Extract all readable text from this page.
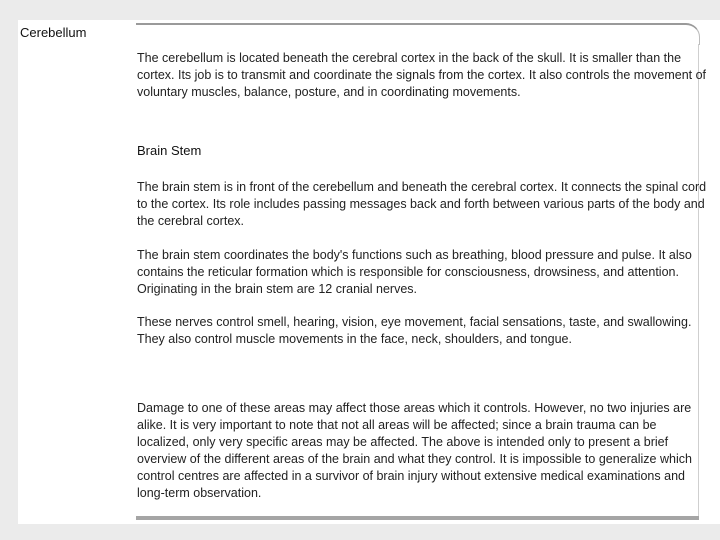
Cerebellum

The cerebellum is located beneath the cerebral cortex in the back of the skull. It is smaller than the cortex. Its job is to transmit and coordinate the signals from the cortex. It also controls the movement of voluntary muscles, balance, posture, and in coordinating movements.

Brain Stem

The brain stem is in front of the cerebellum and beneath the cerebral cortex. It connects the spinal cord to the cortex. Its role includes passing messages back and forth between various parts of the body and the cerebral cortex.

The brain stem coordinates the body's functions such as breathing, blood pressure and pulse. It also contains the reticular formation which is responsible for consciousness, drowsiness, and attention. Originating in the brain stem are 12 cranial nerves.

These nerves control smell, hearing, vision, eye movement, facial sensations, taste, and swallowing. They also control muscle movements in the face, neck, shoulders, and tongue.

Damage to one of these areas may affect those areas which it controls. However, no two injuries are alike. It is very important to note that not all areas will be affected; since a brain trauma can be localized, only very specific areas may be affected. The above is intended only to present a brief overview of the different areas of the brain and what they control. It is impossible to generalize which control centres are affected in a survivor of brain injury without extensive medical examinations and long-term observation.
